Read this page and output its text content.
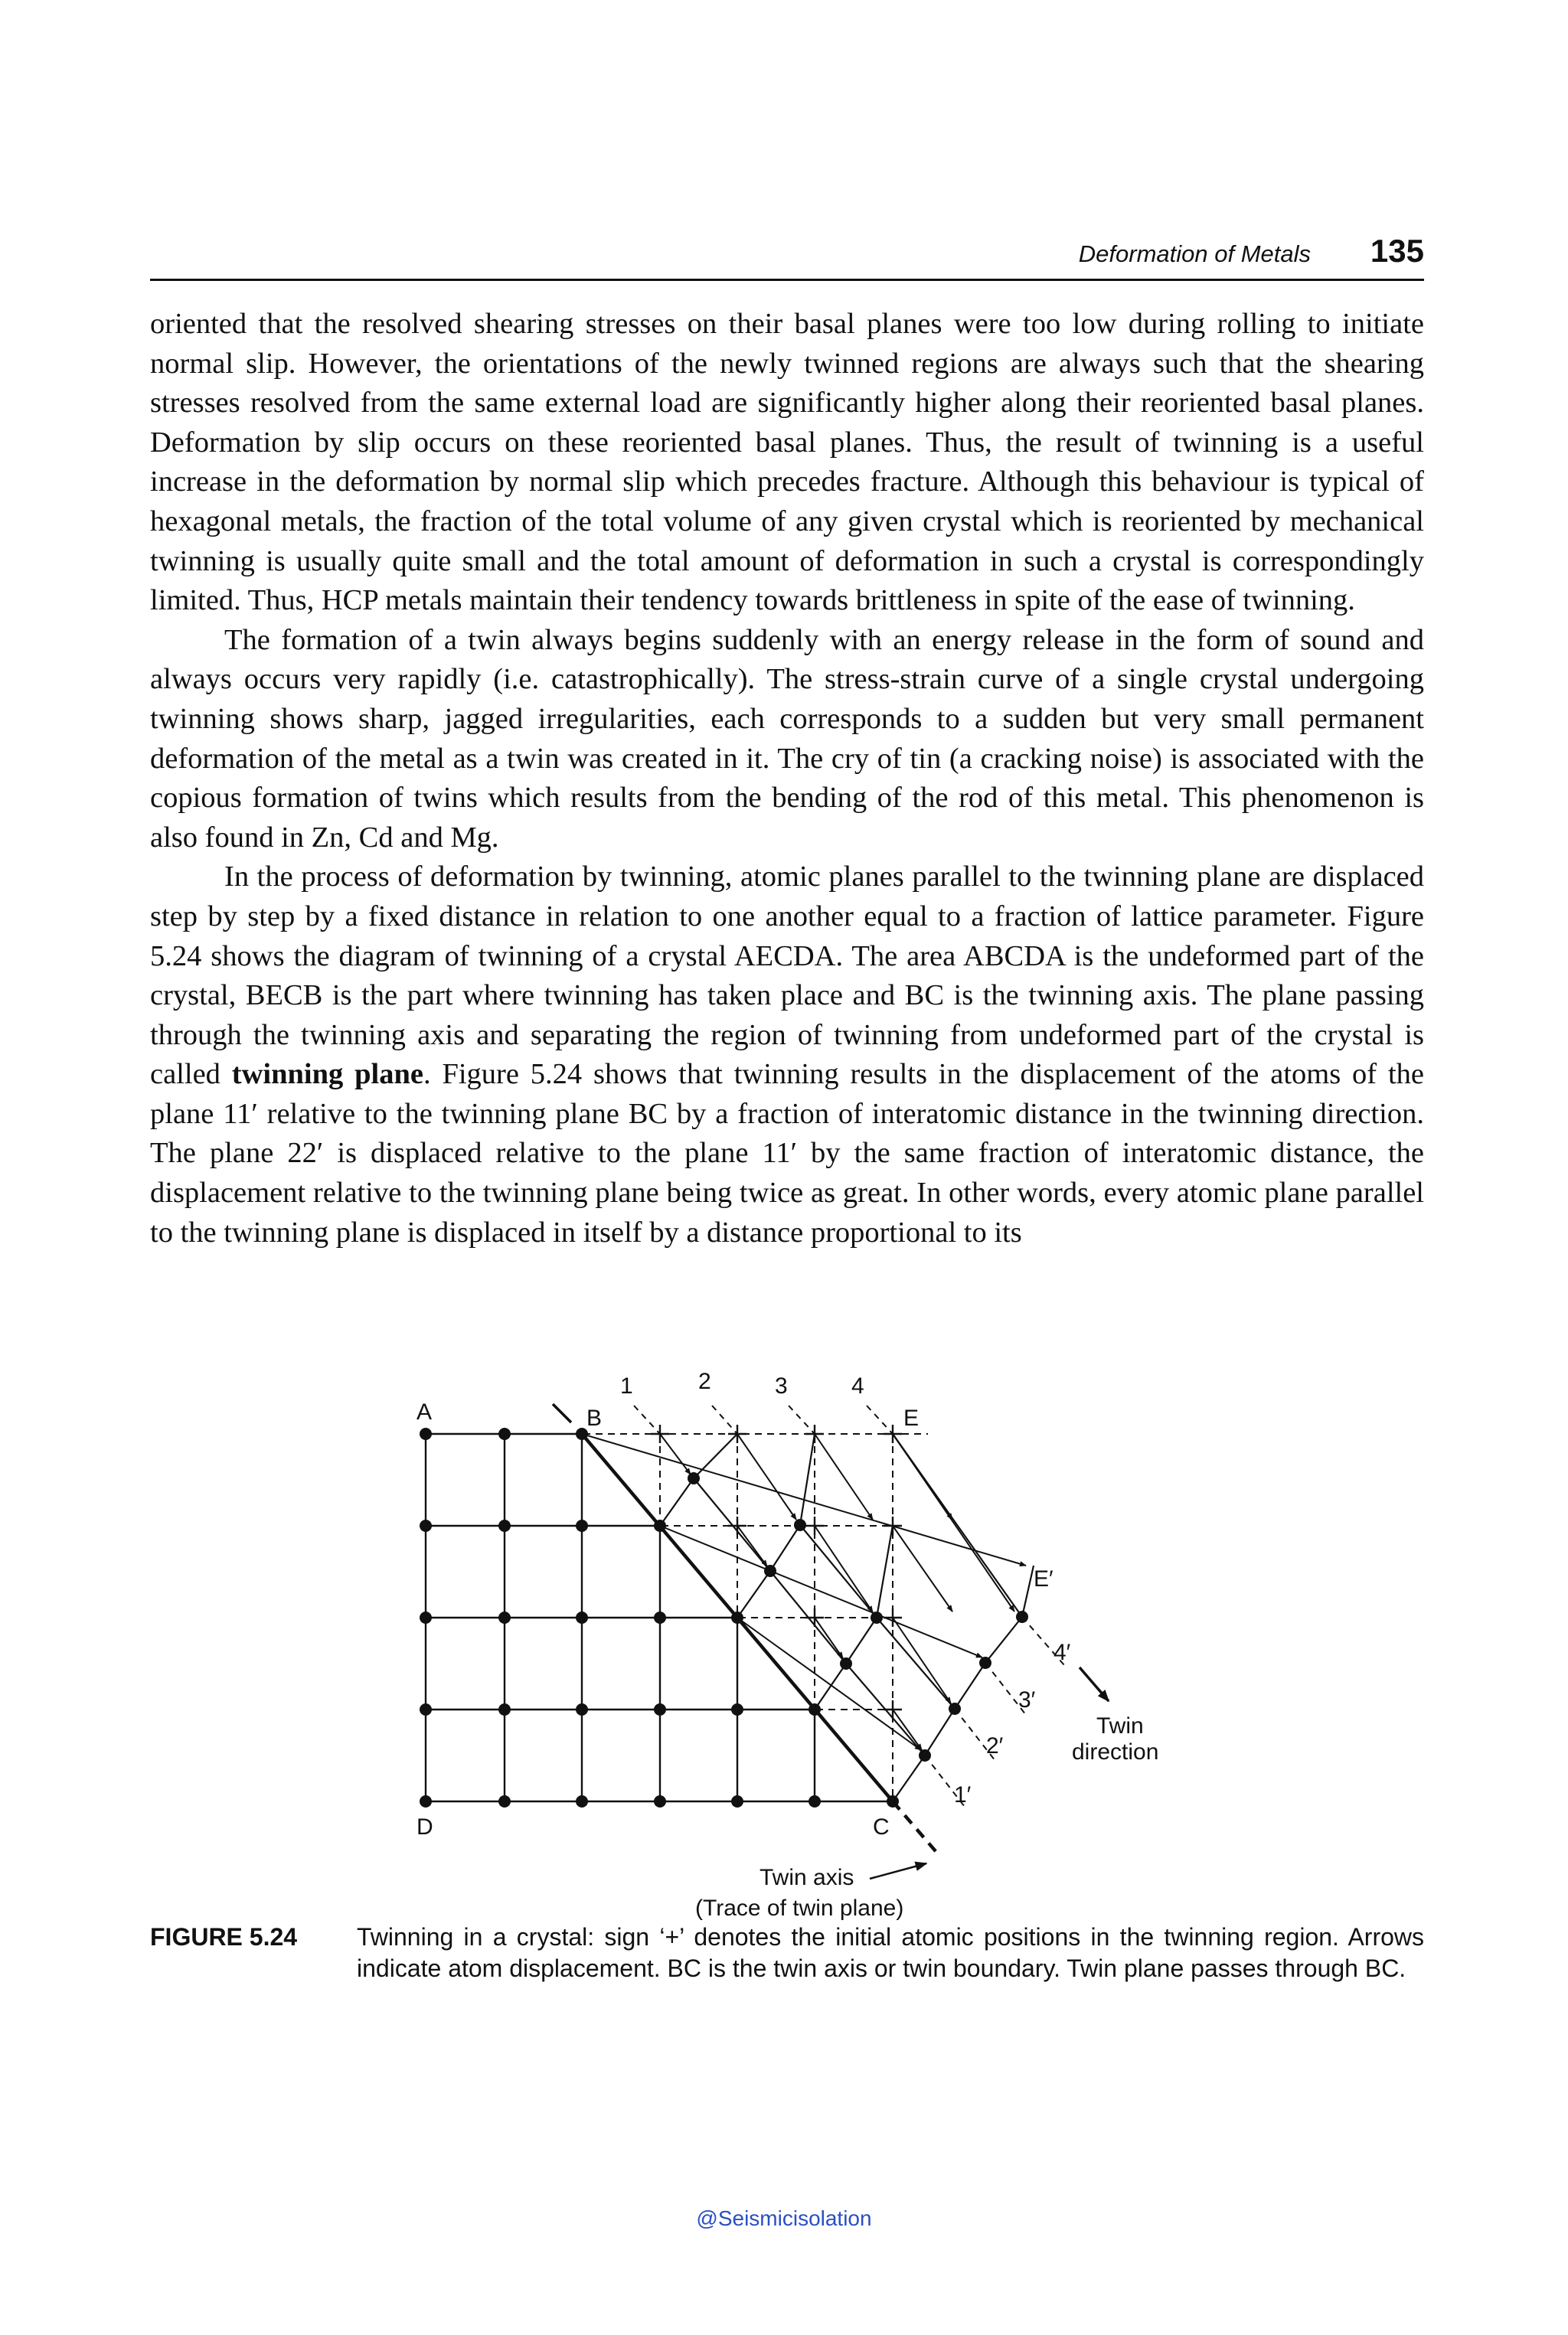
Deformation of Metals 135

oriented that the resolved shearing stresses on their basal planes were too low during rolling to initiate normal slip. However, the orientations of the newly twinned regions are always such that the shearing stresses resolved from the same external load are significantly higher along their reoriented basal planes. Deformation by slip occurs on these reoriented basal planes. Thus, the result of twinning is a useful increase in the deformation by normal slip which precedes fracture. Although this behaviour is typical of hexagonal metals, the fraction of the total volume of any given crystal which is reoriented by mechanical twinning is usually quite small and the total amount of deformation in such a crystal is correspondingly limited. Thus, HCP metals maintain their tendency towards brittleness in spite of the ease of twinning.

The formation of a twin always begins suddenly with an energy release in the form of sound and always occurs very rapidly (i.e. catastrophically). The stress-strain curve of a single crystal undergoing twinning shows sharp, jagged irregularities, each corresponds to a sudden but very small permanent deformation of the metal as a twin was created in it. The cry of tin (a cracking noise) is associated with the copious formation of twins which results from the bending of the rod of this metal. This phenomenon is also found in Zn, Cd and Mg.

In the process of deformation by twinning, atomic planes parallel to the twinning plane are displaced step by step by a fixed distance in relation to one another equal to a fraction of lattice parameter. Figure 5.24 shows the diagram of twinning of a crystal AECDA. The area ABCDA is the undeformed part of the crystal, BECB is the part where twinning has taken place and BC is the twinning axis. The plane passing through the twinning axis and separating the region of twinning from undeformed part of the crystal is called twinning plane. Figure 5.24 shows that twinning results in the displacement of the atoms of the plane 11′ relative to the twinning plane BC by a fraction of interatomic distance in the twinning direction. The plane 22′ is displaced relative to the plane 11′ by the same fraction of interatomic distance, the displacement relative to the twinning plane being twice as great. In other words, every atomic plane parallel to the twinning plane is displaced in itself by a distance proportional to its

A	B
C
D
E
E′
1	2	3	4
1′
2′
3′
4′
Twin
direction
Twin axis
(Trace of twin plane)
FIGURE 5.24 Twinning in a crystal: sign ‘+’ denotes the initial atomic positions in the twinning region. Arrows indicate atom displacement. BC is the twin axis or twin boundary. Twin plane passes through BC.
@Seismicisolation
